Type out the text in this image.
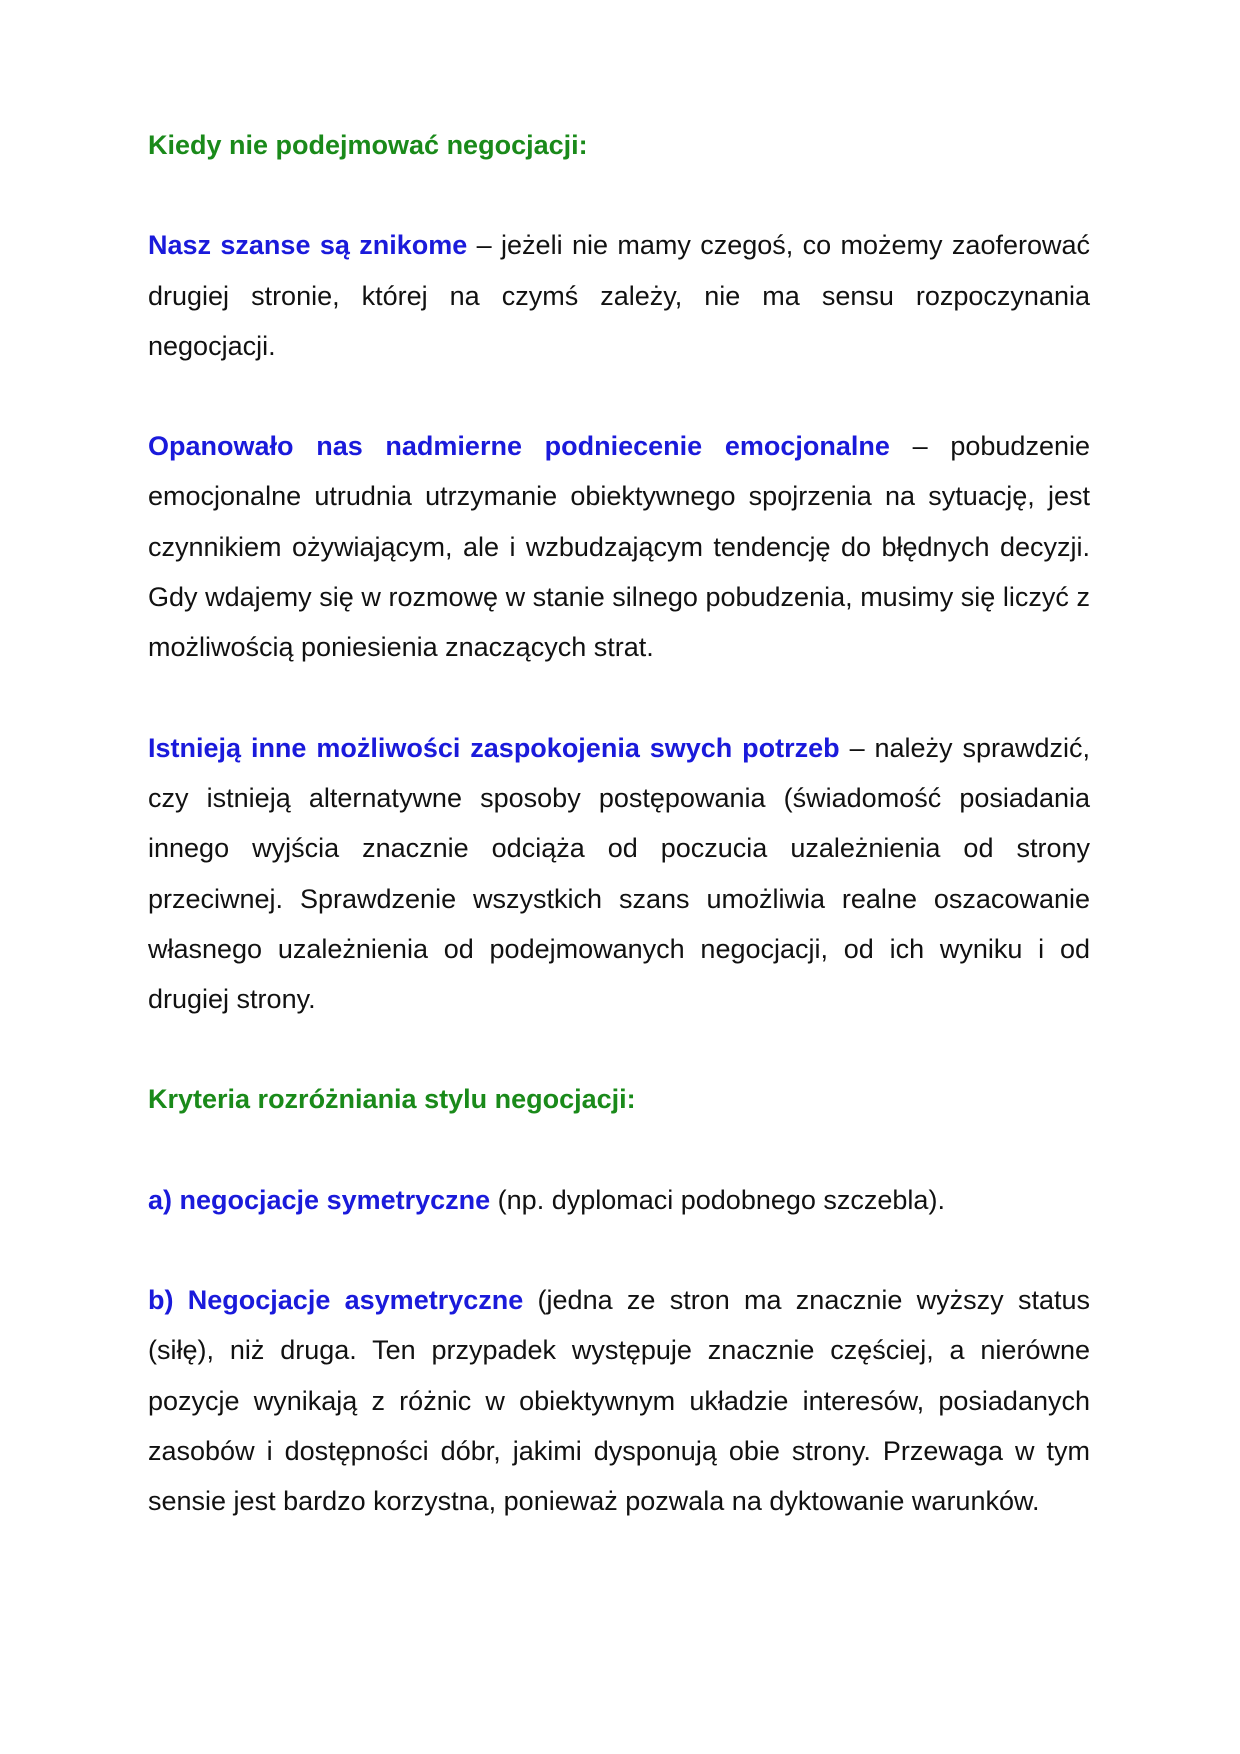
Kiedy nie podejmować negocjacji:

Nasz szanse są znikome – jeżeli nie mamy czegoś, co możemy zaoferować drugiej stronie, której na czymś zależy, nie ma sensu rozpoczynania negocjacji.

Opanowało nas nadmierne podniecenie emocjonalne – pobudzenie emocjonalne utrudnia utrzymanie obiektywnego spojrzenia na sytuację, jest czynnikiem ożywiającym, ale i wzbudzającym tendencję do błędnych decyzji. Gdy wdajemy się w rozmowę w stanie silnego pobudzenia, musimy się liczyć z możliwością poniesienia znaczących strat.

Istnieją inne możliwości zaspokojenia swych potrzeb – należy sprawdzić, czy istnieją alternatywne sposoby postępowania (świadomość posiadania innego wyjścia znacznie odciąża od poczucia uzależnienia od strony przeciwnej. Sprawdzenie wszystkich szans umożliwia realne oszacowanie własnego uzależnienia od podejmowanych negocjacji, od ich wyniku i od drugiej strony.

Kryteria rozróżniania stylu negocjacji:

a) negocjacje symetryczne (np. dyplomaci podobnego szczebla).

b) Negocjacje asymetryczne (jedna ze stron ma znacznie wyższy status (siłę), niż druga. Ten przypadek występuje znacznie częściej, a nierówne pozycje wynikają z różnic w obiektywnym układzie interesów, posiadanych zasobów i dostępności dóbr, jakimi dysponują obie strony. Przewaga w tym sensie jest bardzo korzystna, ponieważ pozwala na dyktowanie warunków.
